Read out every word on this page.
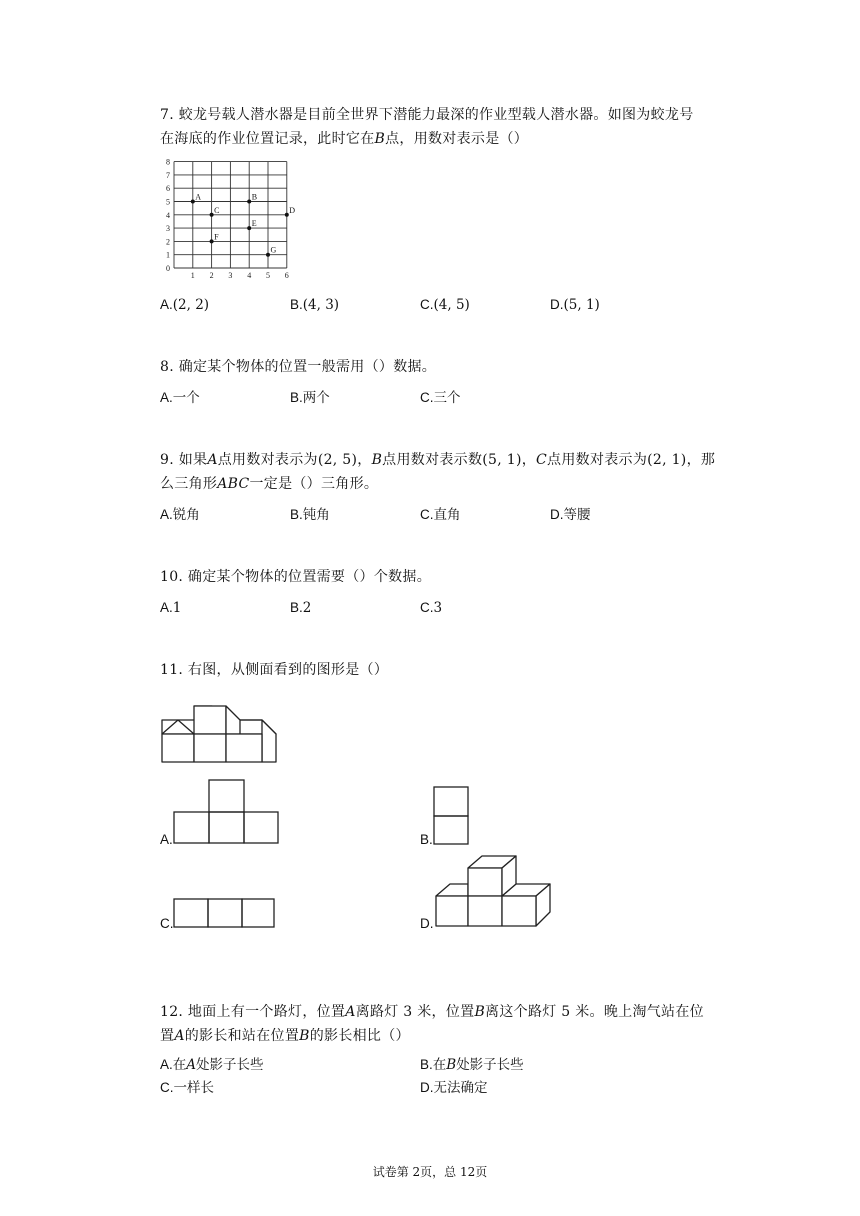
7. 蛟龙号载人潜水器是目前全世界下潜能力最深的作业型载人潜水器。如图为蛟龙号
在海底的作业位置记录，此时它在B点，用数对表示是（）
1 2 3 4 5 6
0
1
2
3
4
5
6
7
8
A	B
C	D
E
F
G
A.(2, 2)	B.(4, 3)	C.(4, 5)	D.(5, 1)
8. 确定某个物体的位置一般需用（）数据。
A.一个	B.两个	C.三个
9. 如果A点用数对表示为(2, 5)，B点用数对表示数(5, 1)，C点用数对表示为(2, 1)，那
么三角形ABC一定是（）三角形。
A.锐角	B.钝角	C.直角	D.等腰
10. 确定某个物体的位置需要（）个数据。
A.1	B.2	C.3
11. 右图，从侧面看到的图形是（）
A.	B.
C.	D.
12. 地面上有一个路灯，位置A离路灯 3 米，位置B离这个路灯 5 米。晚上淘气站在位
置A的影长和站在位置B的影长相比（）
A.在A处影子长些	B.在B处影子长些
C.一样长	D.无法确定
试卷第 2页，总 12页
